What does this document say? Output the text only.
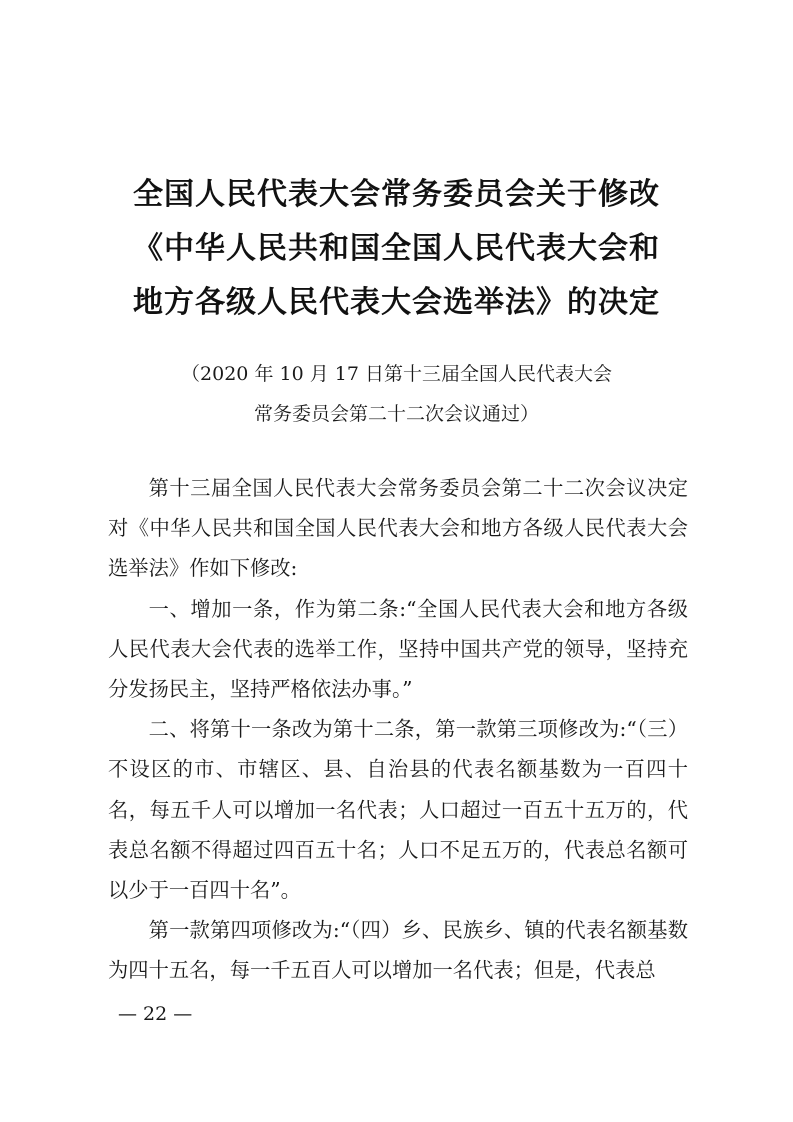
全国人民代表大会常务委员会关于修改
《中华人民共和国全国人民代表大会和
地方各级人民代表大会选举法》的决定
（2020 年 10 月 17 日第十三届全国人民代表大会
常务委员会第二十二次会议通过）

第十三届全国人民代表大会常务委员会第二十二次会议决定对《中华人民共和国全国人民代表大会和地方各级人民代表大会选举法》作如下修改:

一、增加一条，作为第二条:“全国人民代表大会和地方各级人民代表大会代表的选举工作，坚持中国共产党的领导，坚持充分发扬民主，坚持严格依法办事。”

二、将第十一条改为第十二条，第一款第三项修改为:“（三）不设区的市、市辖区、县、自治县的代表名额基数为一百四十名，每五千人可以增加一名代表；人口超过一百五十五万的，代表总名额不得超过四百五十名；人口不足五万的，代表总名额可以少于一百四十名”。

第一款第四项修改为:“（四）乡、民族乡、镇的代表名额基数为四十五名，每一千五百人可以增加一名代表；但是，代表总

— 22 —
